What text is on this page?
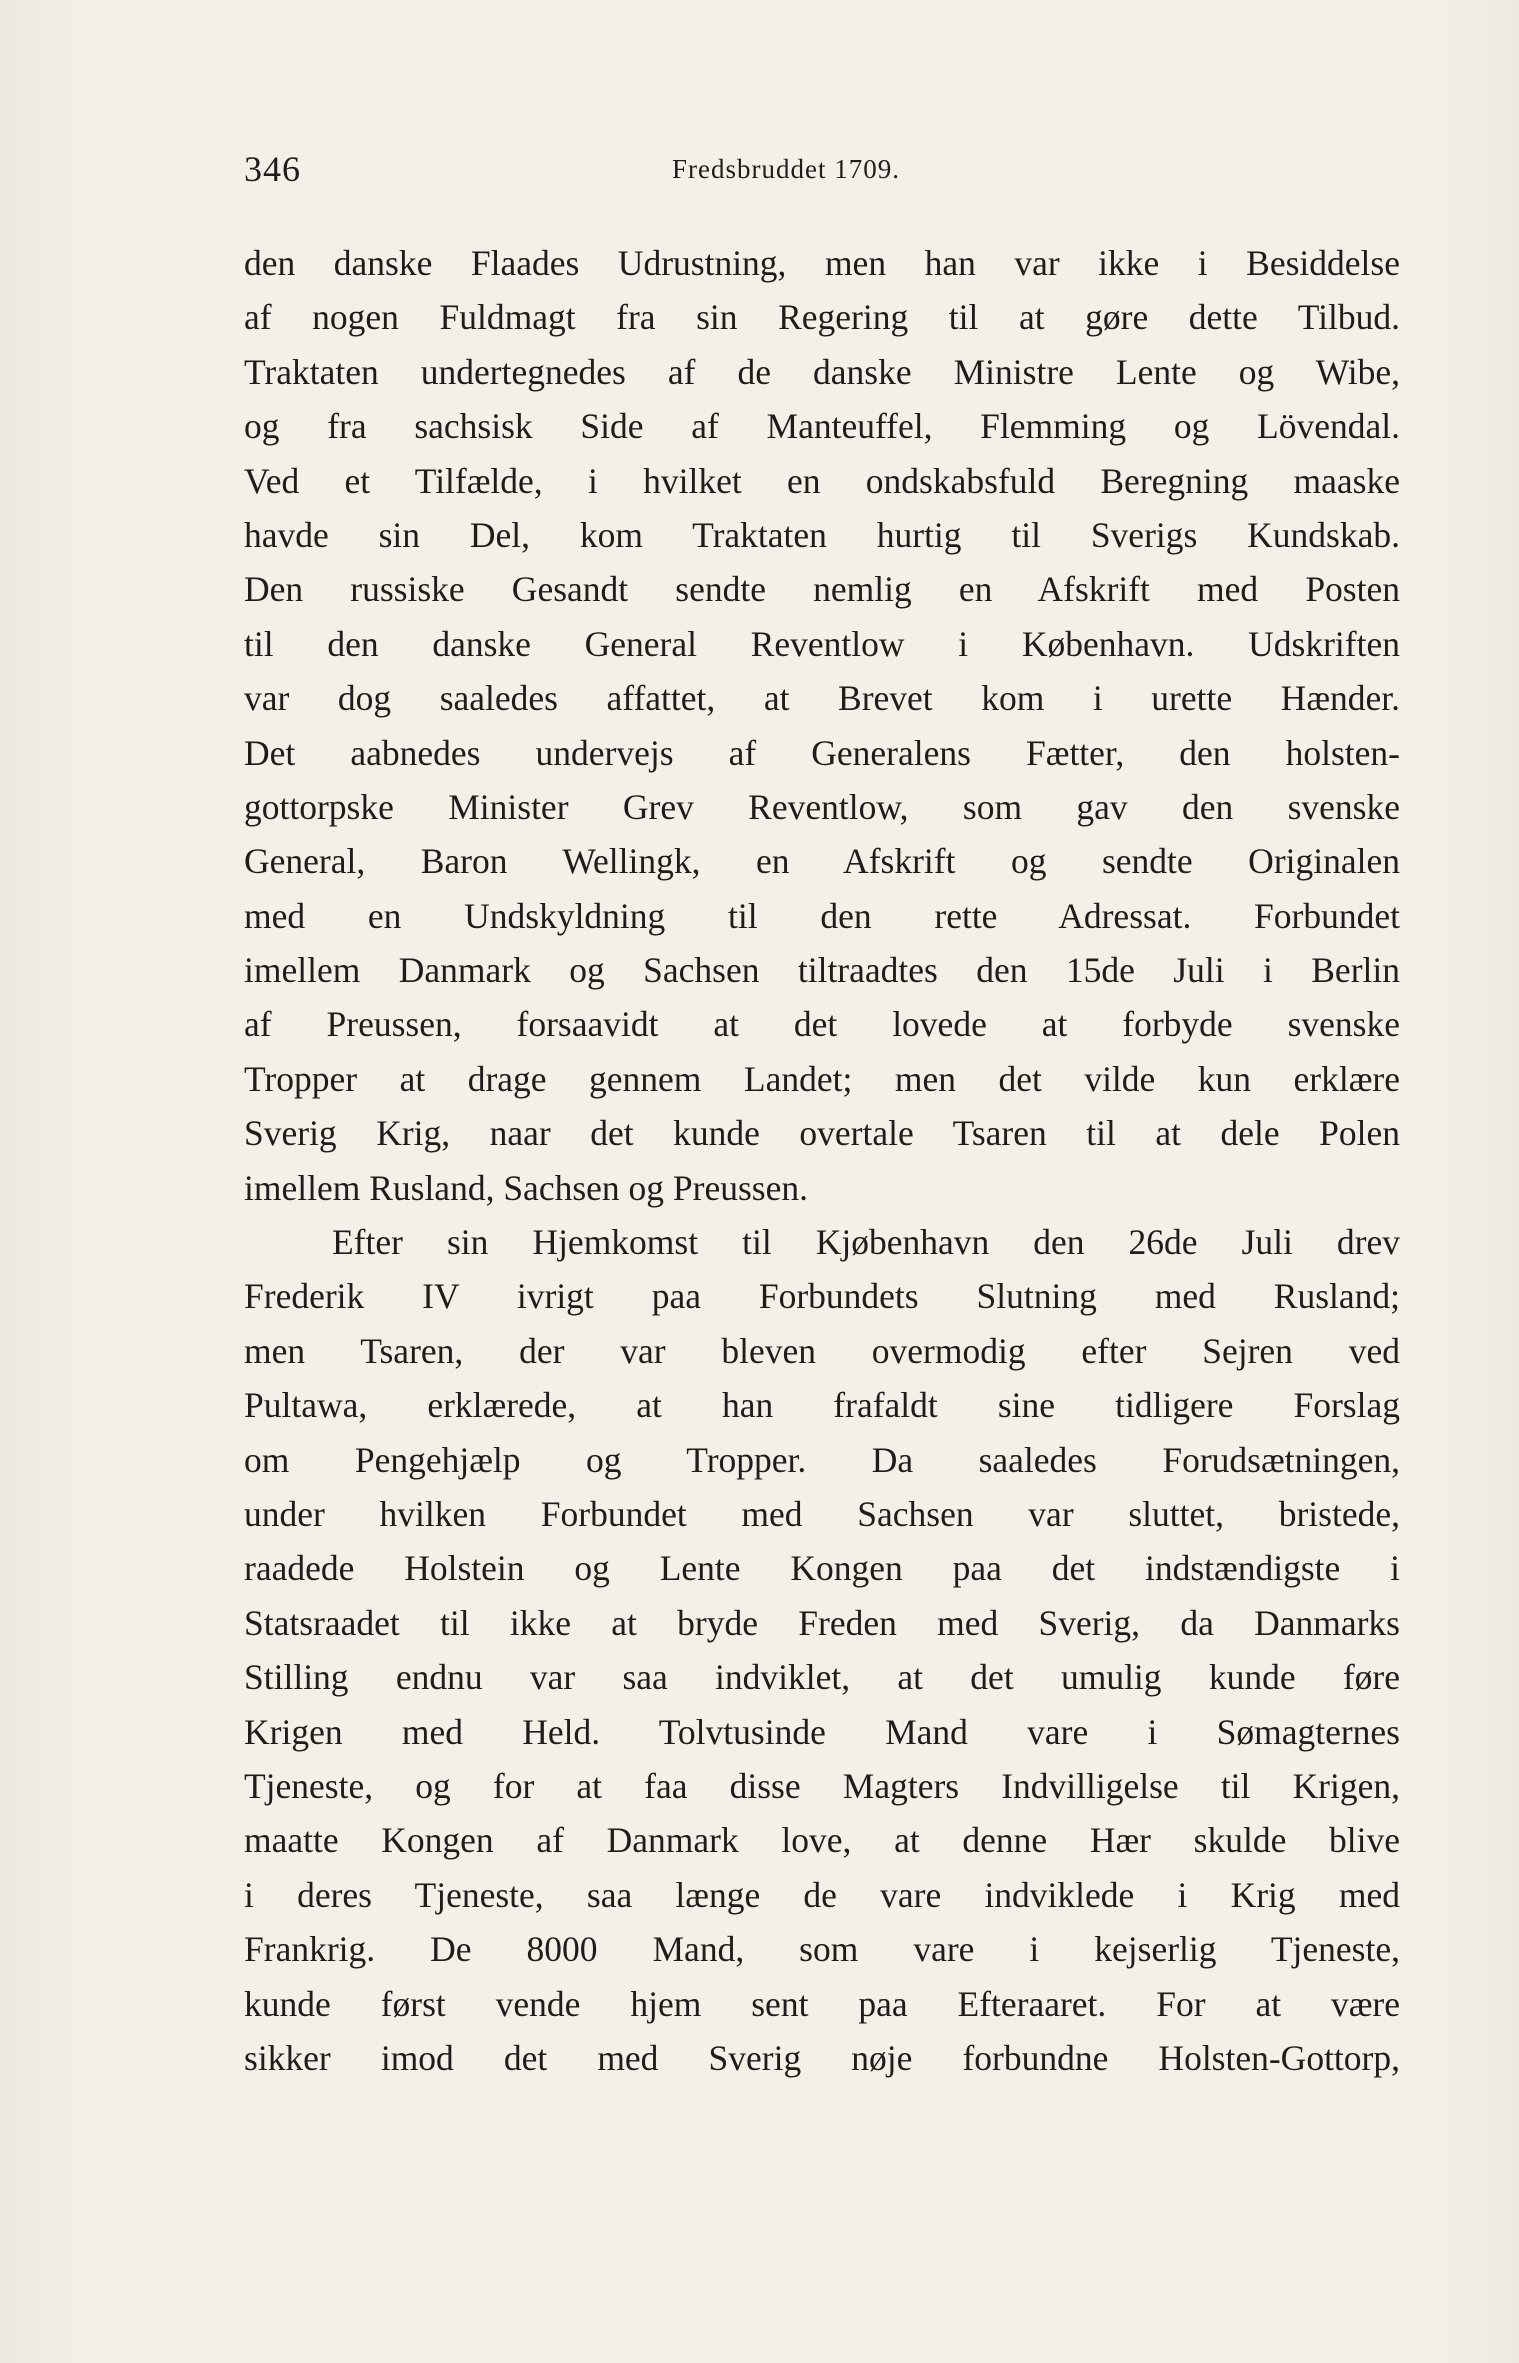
346	Fredsbruddet 1709.
den danske Flaades Udrustning, men han var ikke i Besiddelse
af nogen Fuldmagt fra sin Regering til at gøre dette Tilbud.
Traktaten undertegnedes af de danske Ministre Lente og Wibe,
og fra sachsisk Side af Manteuffel, Flemming og Lövendal.
Ved et Tilfælde, i hvilket en ondskabsfuld Beregning maaske
havde sin Del, kom Traktaten hurtig til Sverigs Kundskab.
Den russiske Gesandt sendte nemlig en Afskrift med Posten
til den danske General Reventlow i København. Udskriften
var dog saaledes affattet, at Brevet kom i urette Hænder.
Det aabnedes undervejs af Generalens Fætter, den holsten-
gottorpske Minister Grev Reventlow, som gav den svenske
General, Baron Wellingk, en Afskrift og sendte Originalen
med en Undskyldning til den rette Adressat. Forbundet
imellem Danmark og Sachsen tiltraadtes den 15de Juli i Berlin
af Preussen, forsaavidt at det lovede at forbyde svenske
Tropper at drage gennem Landet; men det vilde kun erklære
Sverig Krig, naar det kunde overtale Tsaren til at dele Polen
imellem Rusland, Sachsen og Preussen.
Efter sin Hjemkomst til Kjøbenhavn den 26de Juli drev
Frederik IV ivrigt paa Forbundets Slutning med Rusland;
men Tsaren, der var bleven overmodig efter Sejren ved
Pultawa, erklærede, at han frafaldt sine tidligere Forslag
om Pengehjælp og Tropper. Da saaledes Forudsætningen,
under hvilken Forbundet med Sachsen var sluttet, bristede,
raadede Holstein og Lente Kongen paa det indstændigste i
Statsraadet til ikke at bryde Freden med Sverig, da Danmarks
Stilling endnu var saa indviklet, at det umulig kunde føre
Krigen med Held. Tolvtusinde Mand vare i Sømagternes
Tjeneste, og for at faa disse Magters Indvilligelse til Krigen,
maatte Kongen af Danmark love, at denne Hær skulde blive
i deres Tjeneste, saa længe de vare indviklede i Krig med
Frankrig. De 8000 Mand, som vare i kejserlig Tjeneste,
kunde først vende hjem sent paa Efteraaret. For at være
sikker imod det med Sverig nøje forbundne Holsten-Gottorp,
